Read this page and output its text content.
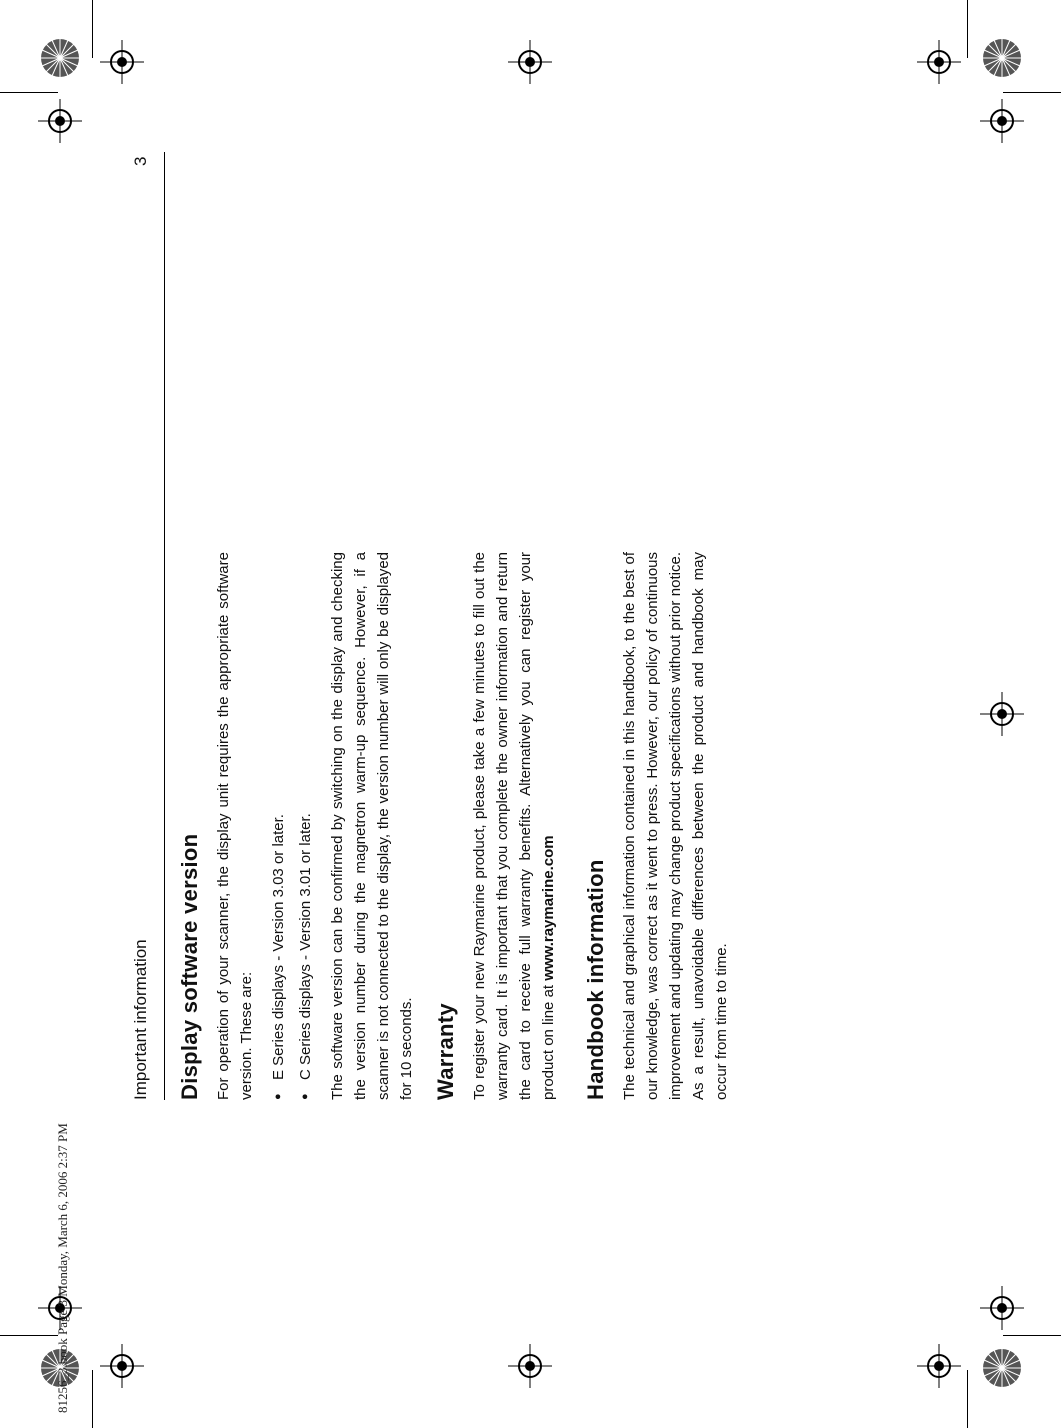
81256_3.book Page 3 Monday, March 6, 2006 2:37 PM
Important information
3
Display software version For operation of your scanner, the display unit requires the appropriate software version. These are: ● E Series displays - Version 3.03 or later. ● C Series displays - Version 3.01 or later. The software version can be confirmed by switching on the display and checking the version number during the magnetron warm-up sequence. However, if a scanner is not connected to the display, the version number will only be displayed for 10 seconds. Warranty To register your new Raymarine product, please take a few minutes to fill out the warranty card. It is important that you complete the owner information and return the card to receive full warranty benefits. Alternatively you can register your product on line at www.raymarine.com Handbook information The technical and graphical information contained in this handbook, to the best of our knowledge, was correct as it went to press. However, our policy of continuous improvement and updating may change product specifications without prior notice. As a result, unavoidable differences between the product and handbook may occur from time to time.
